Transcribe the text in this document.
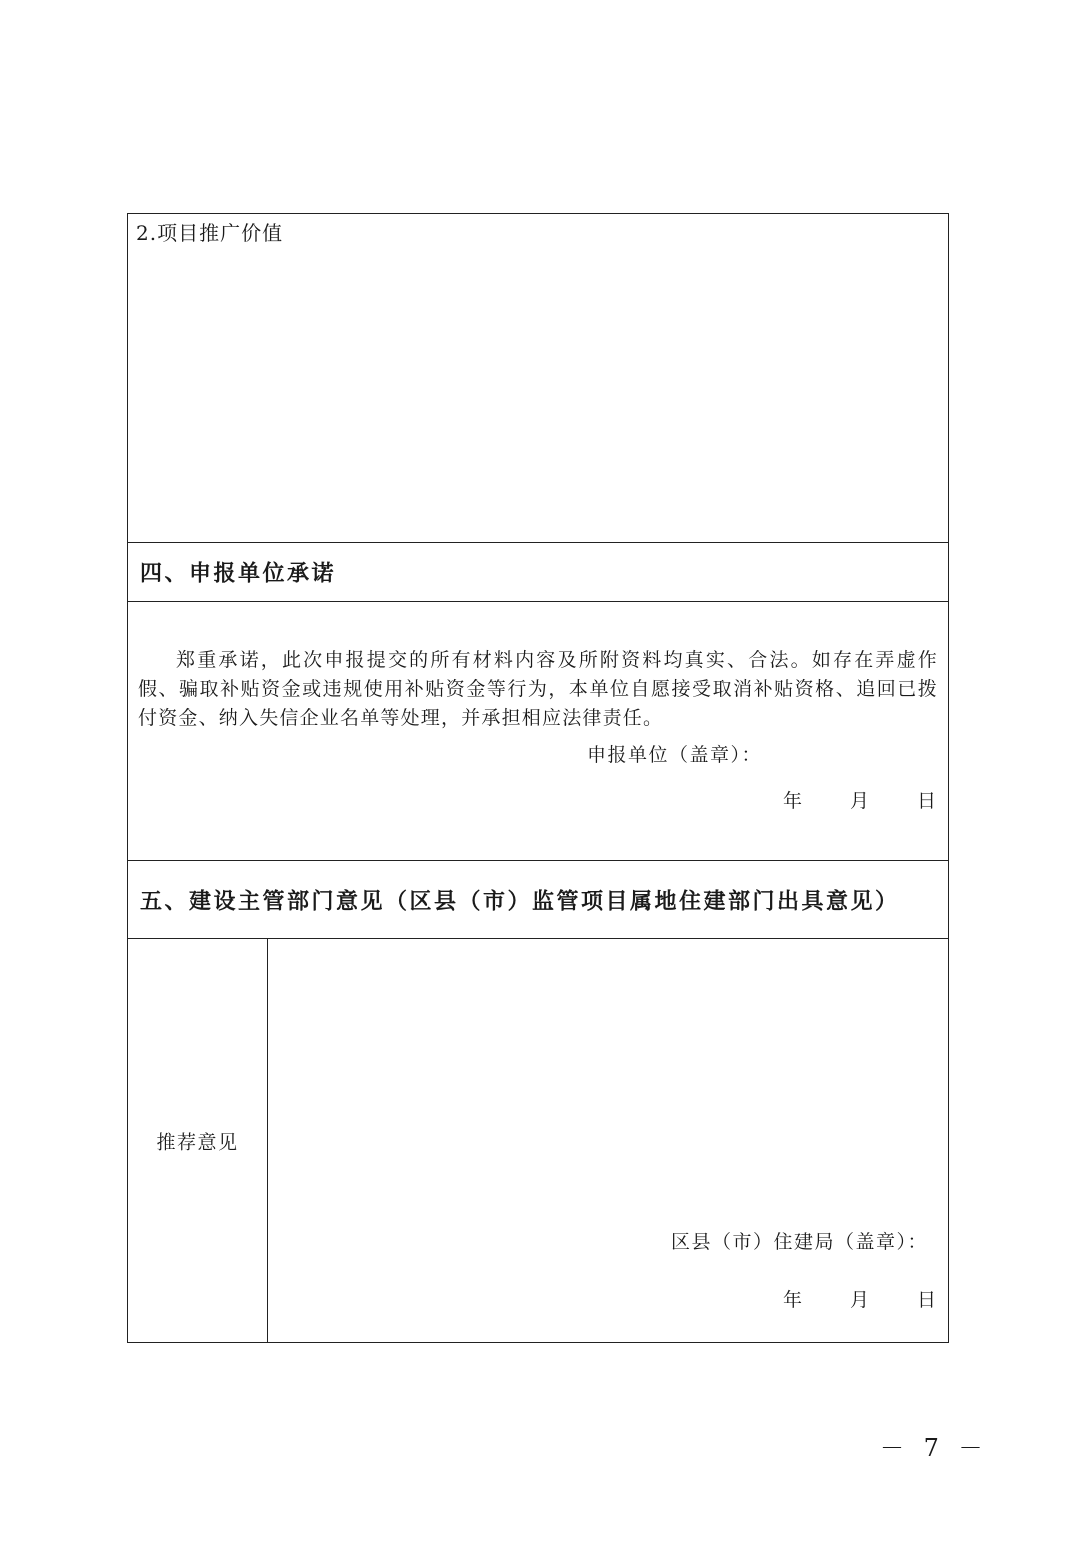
2.项目推广价值
四、申报单位承诺
郑重承诺，此次申报提交的所有材料内容及所附资料均真实、合法。如存在弄虚作假、骗取补贴资金或违规使用补贴资金等行为，本单位自愿接受取消补贴资格、追回已拨付资金、纳入失信企业名单等处理，并承担相应法律责任。
申报单位（盖章）：
年	月	日
五、建设主管部门意见（区县（市）监管项目属地住建部门出具意见）
推荐意见
区县（市）住建局（盖章）：
年	月	日
－ 7 －
